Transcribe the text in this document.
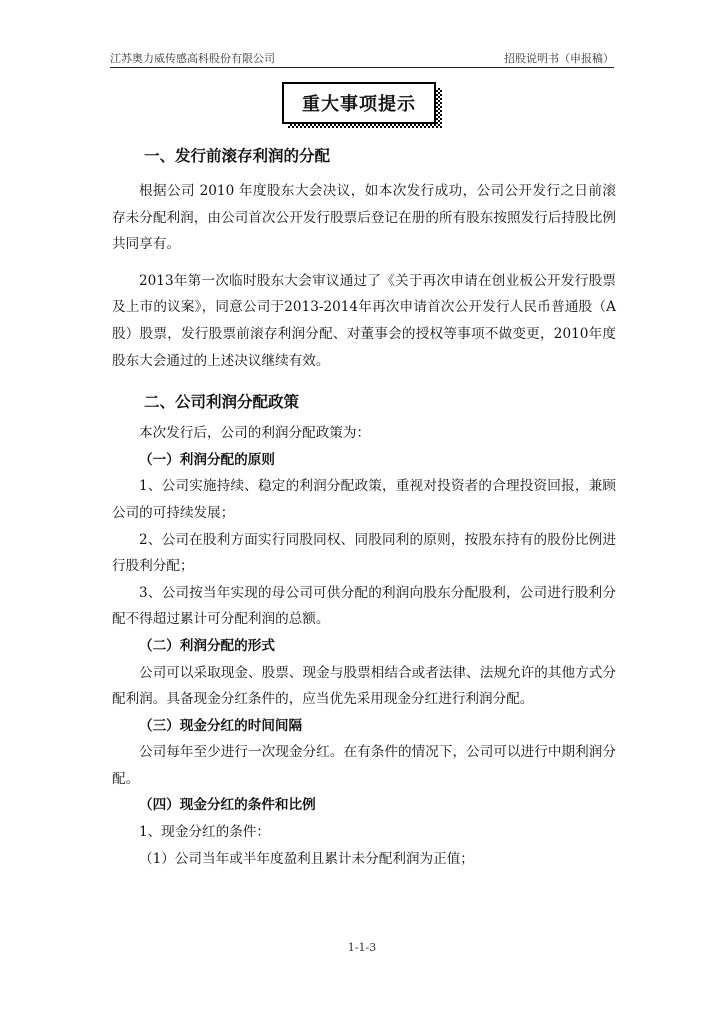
江苏奥力威传感高科股份有限公司	招股说明书（申报稿）
重大事项提示
一、发行前滚存利润的分配

根据公司 2010 年度股东大会决议，如本次发行成功，公司公开发行之日前滚存未分配利润，由公司首次公开发行股票后登记在册的所有股东按照发行后持股比例共同享有。

2013年第一次临时股东大会审议通过了《关于再次申请在创业板公开发行股票及上市的议案》，同意公司于2013-2014年再次申请首次公开发行人民币普通股（A股）股票，发行股票前滚存利润分配、对董事会的授权等事项不做变更，2010年度股东大会通过的上述决议继续有效。

二、公司利润分配政策

本次发行后，公司的利润分配政策为：

（一）利润分配的原则

1、公司实施持续、稳定的利润分配政策，重视对投资者的合理投资回报，兼顾公司的可持续发展；

2、公司在股利方面实行同股同权、同股同利的原则，按股东持有的股份比例进行股利分配；

3、公司按当年实现的母公司可供分配的利润向股东分配股利，公司进行股利分配不得超过累计可分配利润的总额。

（二）利润分配的形式

公司可以采取现金、股票、现金与股票相结合或者法律、法规允许的其他方式分配利润。具备现金分红条件的，应当优先采用现金分红进行利润分配。

（三）现金分红的时间间隔

公司每年至少进行一次现金分红。在有条件的情况下，公司可以进行中期利润分配。

（四）现金分红的条件和比例

1、现金分红的条件：

（1）公司当年或半年度盈利且累计未分配利润为正值；

1-1-3
